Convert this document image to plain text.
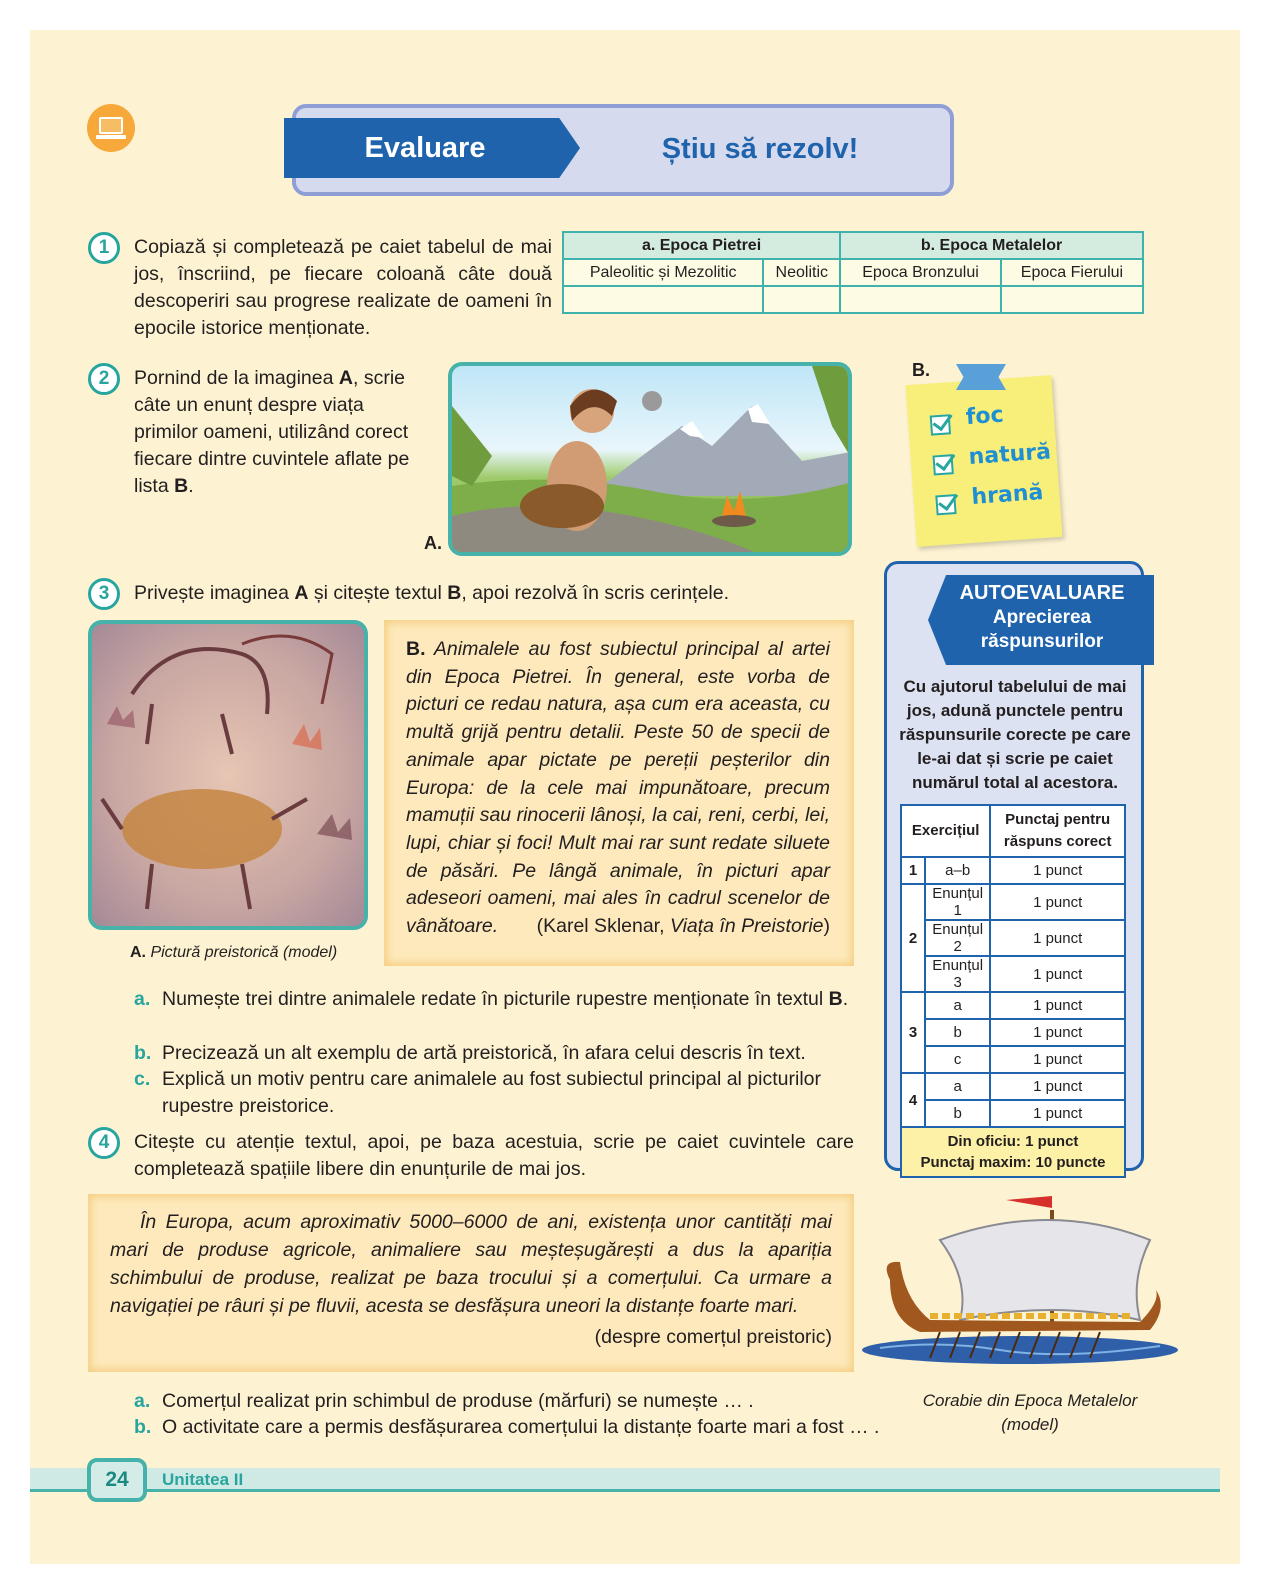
Evaluare	Știu să rezolv!
1	Copiază și completează pe caiet tabelul de mai jos, înscriind, pe fiecare coloană câte două descoperiri sau progrese realizate de oameni în epocile istorice menționate.
a. Epoca Pietrei		b. Epoca Metalelor	
Paleolitic și Mezolitic	Neolitic	Epoca Bronzului	Epoca Fierului

2	Pornind de la imaginea A, scrie câte un enunț despre viața primilor oameni, utilizând corect fiecare dintre cuvintele aflate pe lista B.
A.
foc
natură
hrană
B.
3	Privește imaginea A și citește textul B, apoi rezolvă în scris cerințele.
A. Pictură preistorică (model)

B. Animalele au fost subiectul principal al artei din Epoca Pietrei. În general, este vorba de picturi ce redau natura, așa cum era aceasta, cu multă grijă pentru detalii. Peste 50 de specii de animale apar pictate pe pereții peșterilor din Europa: de la cele mai impunătoare, precum mamuții sau rinocerii lânoși, la cai, reni, cerbi, lei, lupi, chiar și foci! Mult mai rar sunt redate siluete de păsări. Pe lângă animale, în picturi apar adeseori oameni, mai ales în cadrul scenelor de vânătoare. (Karel Sklenar, Viața în Preistorie)

a. Numește trei dintre animalele redate în picturile rupestre menționate în textul B.
b. Precizează un alt exemplu de artă preistorică, în afara celui descris în text.
c. Explică un motiv pentru care animalele au fost subiectul principal al picturilor rupestre preistorice.
AUTOEVALUARE
Aprecierea
răspunsurilor
Cu ajutorul tabelului de mai jos, adună punctele pentru răspunsurile corecte pe care le-ai dat și scrie pe caiet numărul total al acestora.
Exercițiul		Punctaj pentru răspuns corect
1	a–b	1 punct
2	Enunțul 1	1 punct
	Enunțul 2	1 punct
	Enunțul 3	1 punct
3	a	1 punct
	b	1 punct
	c	1 punct
4	a	1 punct
	b	1 punct

Din oficiu: 1 punct
Punctaj maxim: 10 puncte		
4	Citește cu atenție textul, apoi, pe baza acestuia, scrie pe caiet cuvintele care completează spațiile libere din enunțurile de mai jos.

În Europa, acum aproximativ 5000–6000 de ani, existența unor cantități mai mari de produse agricole, animaliere sau meșteșugărești a dus la apariția schimbului de produse, realizat pe baza trocului și a comerțului. Ca urmare a navigației pe râuri și pe fluvii, acesta se desfășura uneori la distanțe foarte mari.

(despre comerțul preistoric)
a. Comerțul realizat prin schimbul de produse (mărfuri) se numește … .
b. O activitate care a permis desfășurarea comerțului la distanțe foarte mari a fost … .
Corabie din Epoca Metalelor
(model)
24	Unitatea II
